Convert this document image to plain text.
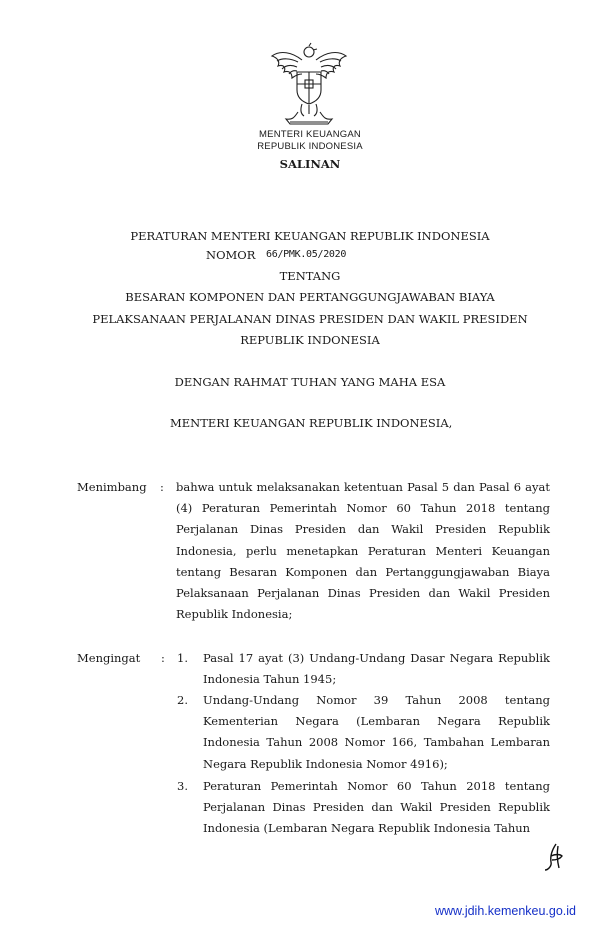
MENTERI KEUANGAN
REPUBLIK INDONESIA
SALINAN
PERATURAN MENTERI KEUANGAN REPUBLIK INDONESIA
NOMOR 66/PMK.05/2020
TENTANG
BESARAN KOMPONEN DAN PERTANGGUNGJAWABAN BIAYA
PELAKSANAAN PERJALANAN DINAS PRESIDEN DAN WAKIL PRESIDEN
REPUBLIK INDONESIA
DENGAN RAHMAT TUHAN YANG MAHA ESA
MENTERI KEUANGAN REPUBLIK INDONESIA,
Menimbang : bahwa untuk melaksanakan ketentuan Pasal 5 dan Pasal 6 ayat (4) Peraturan Pemerintah Nomor 60 Tahun 2018 tentang Perjalanan Dinas Presiden dan Wakil Presiden Republik Indonesia, perlu menetapkan Peraturan Menteri Keuangan tentang Besaran Komponen dan Pertanggungjawaban Biaya Pelaksanaan Perjalanan Dinas Presiden dan Wakil Presiden Republik Indonesia;
Mengingat : 1. Pasal 17 ayat (3) Undang-Undang Dasar Negara Republik Indonesia Tahun 1945;
2. Undang-Undang Nomor 39 Tahun 2008 tentang Kementerian Negara (Lembaran Negara Republik Indonesia Tahun 2008 Nomor 166, Tambahan Lembaran Negara Republik Indonesia Nomor 4916);
3. Peraturan Pemerintah Nomor 60 Tahun 2018 tentang Perjalanan Dinas Presiden dan Wakil Presiden Republik Indonesia (Lembaran Negara Republik Indonesia Tahun
www.jdih.kemenkeu.go.id
